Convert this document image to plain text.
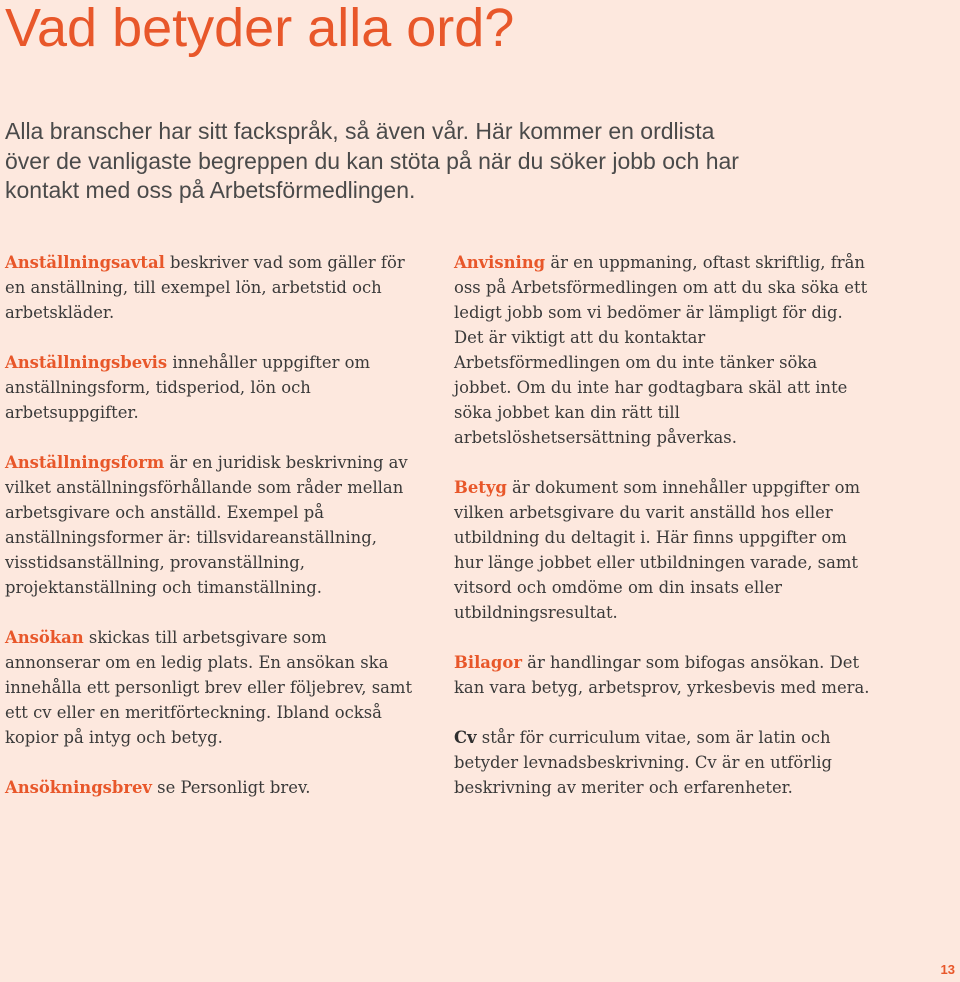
Vad betyder alla ord?

Alla branscher har sitt fackspråk, så även vår. Här kommer en ordlista över de vanligaste begreppen du kan stöta på när du söker jobb och har kontakt med oss på Arbetsförmedlingen.

Anställningsavtal beskriver vad som gäller för en anställning, till exempel lön, arbetstid och arbetskläder.

Anställningsbevis innehåller uppgifter om anställningsform, tidsperiod, lön och arbetsuppgifter.

Anställningsform är en juridisk beskrivning av vilket anställningsförhållande som råder mellan arbetsgivare och anställd. Exempel på anställningsformer är: tillsvidareanställning, visstidsanställning, provanställning, projektanställning och timanställning.

Ansökan skickas till arbetsgivare som annonserar om en ledig plats. En ansökan ska innehålla ett personligt brev eller följebrev, samt ett cv eller en meritförteckning. Ibland också kopior på intyg och betyg.

Ansökningsbrev se Personligt brev.

Anvisning är en uppmaning, oftast skriftlig, från oss på Arbetsförmedlingen om att du ska söka ett ledigt jobb som vi bedömer är lämpligt för dig. Det är viktigt att du kontaktar Arbetsförmedlingen om du inte tänker söka jobbet. Om du inte har godtagbara skäl att inte söka jobbet kan din rätt till arbetslöshetsersättning påverkas.

Betyg är dokument som innehåller uppgifter om vilken arbetsgivare du varit anställd hos eller utbildning du deltagit i. Här finns uppgifter om hur länge jobbet eller utbildningen varade, samt vitsord och omdöme om din insats eller utbildningsresultat.

Bilagor är handlingar som bifogas ansökan. Det kan vara betyg, arbetsprov, yrkesbevis med mera.

Cv står för curriculum vitae, som är latin och betyder levnadsbeskrivning. Cv är en utförlig beskrivning av meriter och erfarenheter.

13
